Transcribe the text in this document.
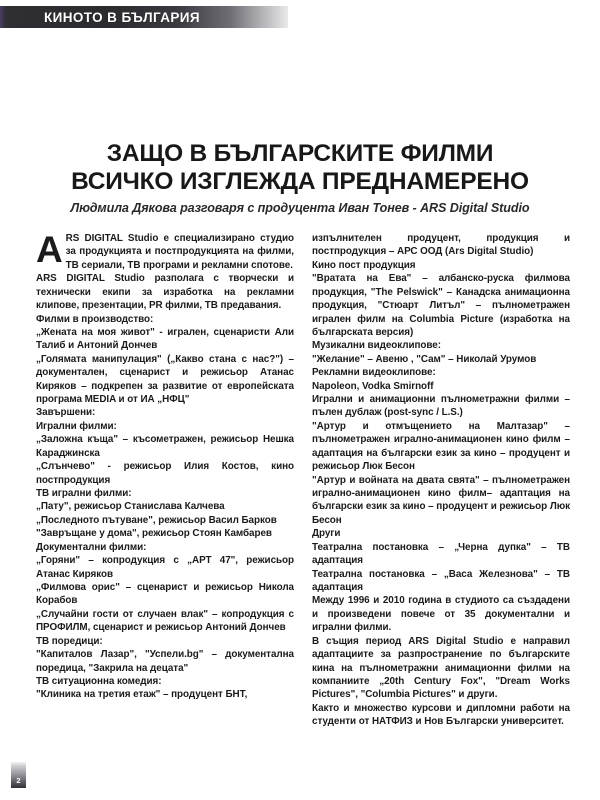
КИНОТО В БЪЛГАРИЯ
ЗАЩО В БЪЛГАРСКИТЕ ФИЛМИ
ВСИЧКО ИЗГЛЕЖДА ПРЕДНАМЕРЕНО
Людмила Дякова разговаря с продуцента Иван Тонев - ARS Digital Studio

ARS DIGITAL Studio е специализирано студио за продукцията и постпродукцията на филми, ТВ сериали, ТВ програми и рекламни спотове.

ARS DIGITAL Studio разполага с творчески и технически екипи за изработка на рекламни клипове, презентации, PR филми, ТВ предавания.

Филми в производство:

„Жената на моя живот" - игрален, сценаристи Али Талиб и Антоний Дончев

„Голямата манипулация" („Какво стана с нас?") – документален, сценарист и режисьор Атанас Киряков – подкрепен за развитие от европейската програма MEDIA и от ИА „НФЦ"

Завършени:

Игрални филми:

„Заложна къща" – късометражен, режисьор Нешка Караджинска

„Слънчево" - режисьор Илия Костов, кино постпродукция

ТВ игрални филми:

„Пату", режисьор Станислава Калчева

„Последното пътуване", режисьор Васил Барков

"Завръщане у дома", режисьор Стоян Камбарев

Документални филми:

„Горяни" – копродукция с „АРТ 47", режисьор Атанас Киряков

„Филмова орис" – сценарист и режисьор Никола Корабов

„Случайни гости от случаен влак" – копродукция с ПРОФИЛМ, сценарист и режисьор Антоний Дончев

ТВ поредици:

"Капиталов Лазар", "Успели.bg" – документална поредица, "Закрила на децата"

ТВ ситуационна комедия:

"Клиника на третия етаж" – продуцент БНТ,

изпълнителен продуцент, продукция и постпродукция – АРС ООД (Ars Digital Studio)

Кино пост продукция

"Вратата на Ева" – албанско-руска филмова продукция, "The Pelswick" – Канадска анимационна продукция, "Стюарт Литъл" – пълнометражен игрален филм на Columbia Picture (изработка на българската версия)

Музикални видеоклипове:

"Желание" – Авеню , "Сам" – Николай Урумов

Рекламни видеоклипове:

Napoleon, Vodka Smirnoff

Игрални и анимационни пълнометражни филми – пълен дублаж (post-sync / L.S.)

"Артур и отмъщението на Малтазар" – пълнометражен игрално-анимационен кино филм – адаптация на български език за кино – продуцент и режисьор Люк Бесон

"Артур и войната на двата свята" – пълнометражен игрално-анимационен кино филм– адаптация на български език за кино – продуцент и режисьор Люк Бесон

Други

Театрална постановка – „Черна дупка" – ТВ адаптация

Театрална постановка – „Васа Железнова" – ТВ адаптация

Между 1996 и 2010 година в студиото са създадени и произведени повече от 35 документални и игрални филми.

В същия период ARS Digital Studio е направил адаптациите за разпространение по българските кина на пълнометражни анимационни филми на компаниите „20th Century Fox", "Dream Works Pictures", "Columbia Pictures" и други.

Както и множество курсови и дипломни работи на студенти от НАТФИЗ и Нов Български университет.

2
